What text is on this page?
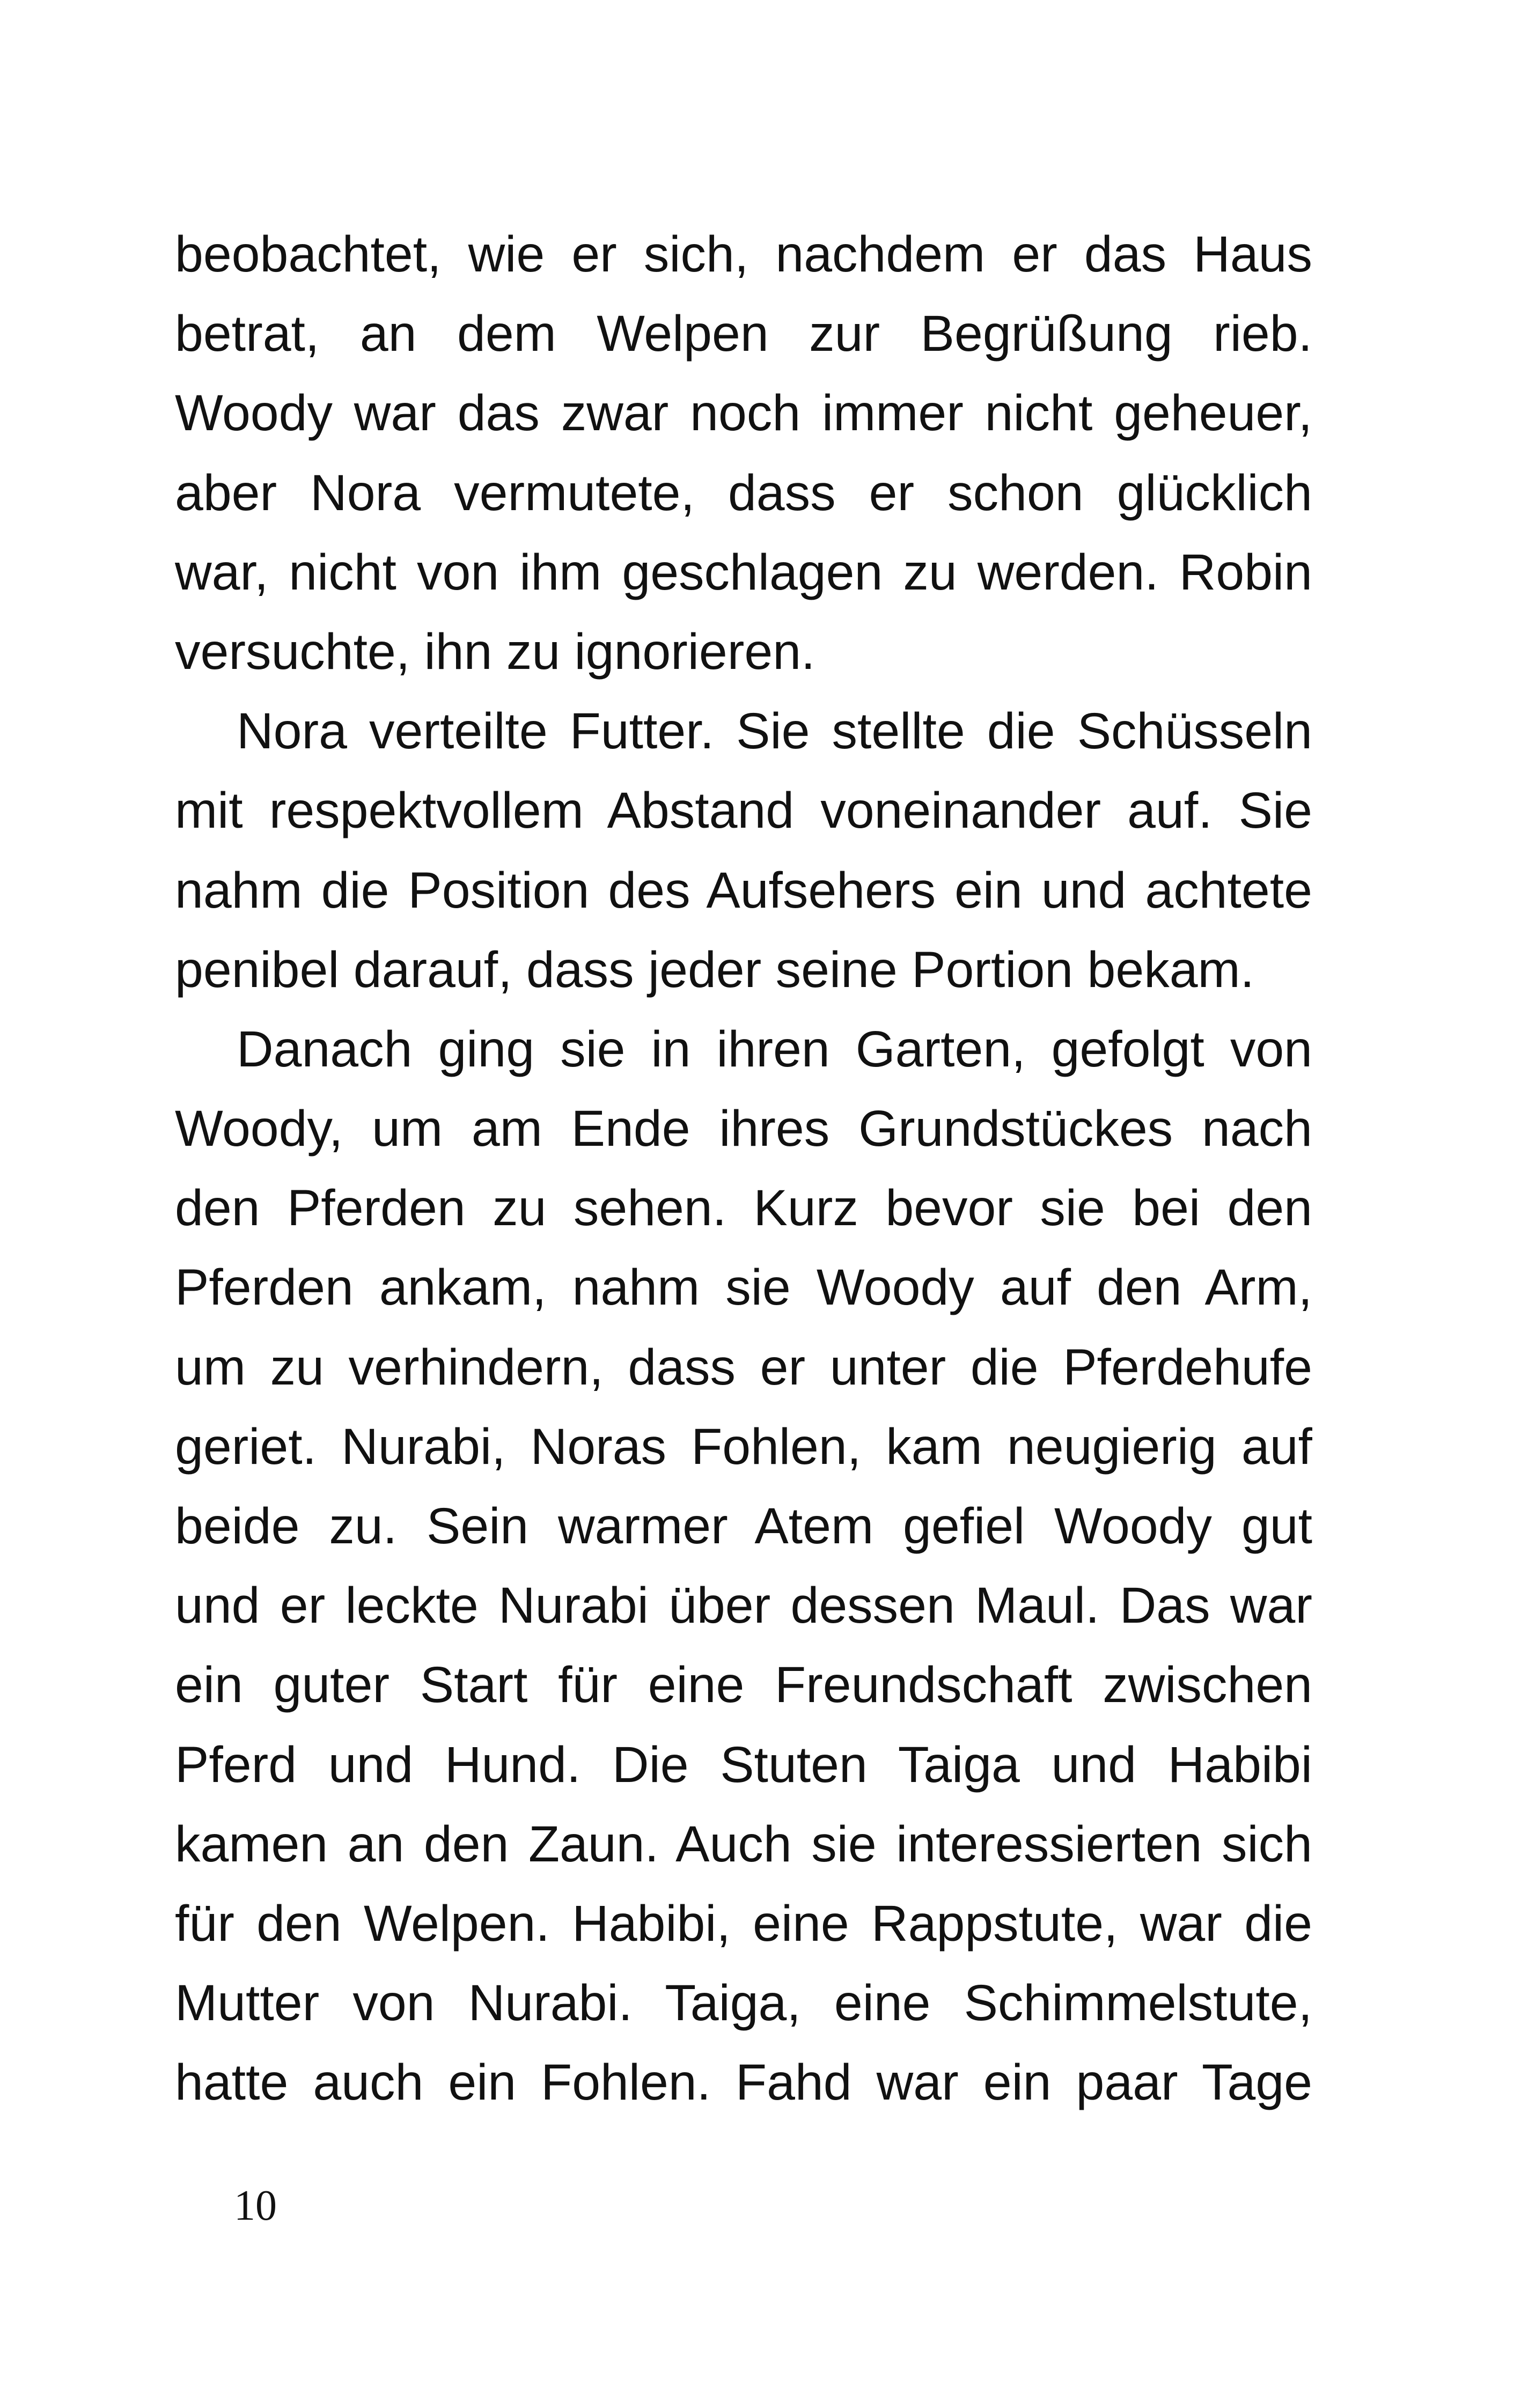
beobachtet, wie er sich, nachdem er das Haus
betrat, an dem Welpen zur Begrüßung rieb.
Woody war das zwar noch immer nicht geheuer,
aber Nora vermutete, dass er schon glücklich
war, nicht von ihm geschlagen zu werden. Robin
versuchte, ihn zu ignorieren.
Nora verteilte Futter. Sie stellte die Schüsseln
mit respektvollem Abstand voneinander auf. Sie
nahm die Position des Aufsehers ein und achtete
penibel darauf, dass jeder seine Portion bekam.
Danach ging sie in ihren Garten, gefolgt von
Woody, um am Ende ihres Grundstückes nach
den Pferden zu sehen. Kurz bevor sie bei den
Pferden ankam, nahm sie Woody auf den Arm,
um zu verhindern, dass er unter die Pferdehufe
geriet. Nurabi, Noras Fohlen, kam neugierig auf
beide zu. Sein warmer Atem gefiel Woody gut
und er leckte Nurabi über dessen Maul. Das war
ein guter Start für eine Freundschaft zwischen
Pferd und Hund. Die Stuten Taiga und Habibi
kamen an den Zaun. Auch sie interessierten sich
für den Welpen. Habibi, eine Rappstute, war die
Mutter von Nurabi. Taiga, eine Schimmelstute,
hatte auch ein Fohlen. Fahd war ein paar Tage
10
